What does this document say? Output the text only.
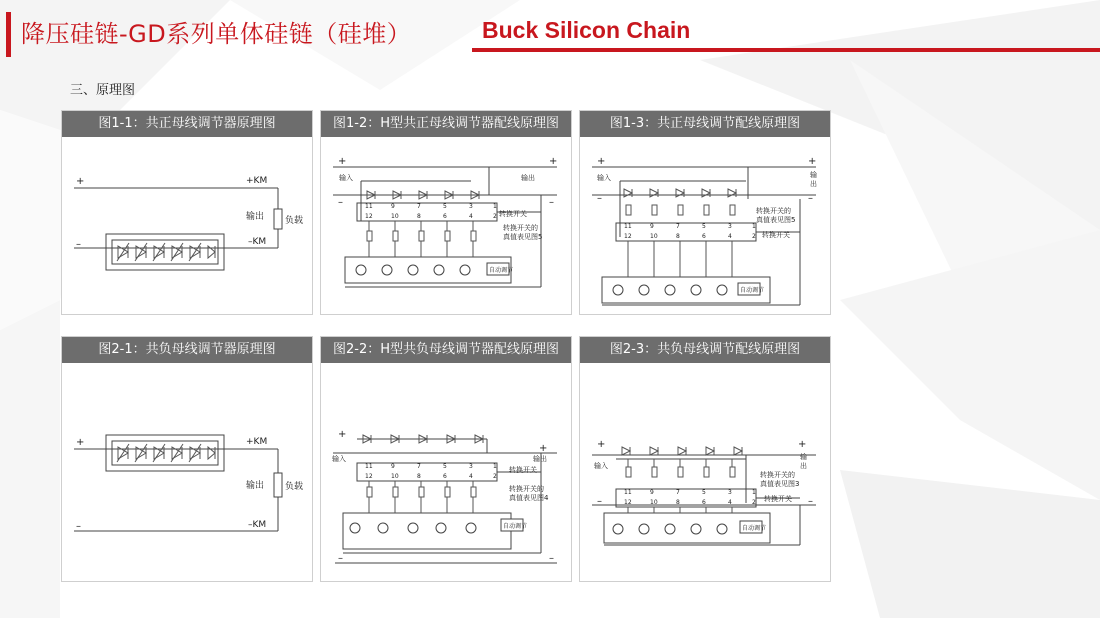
降压硅链-GD系列单体硅链（硅堆）	Buck Silicon Chain
三、原理图
图1-1：共正母线调节器原理图
+
–
+KM
–KM
输出 负载
图1-2：H型共正母线调节器配线原理图
自动调节
+	+
–	–
输入	输出
转换开关
转换开关的
真值表见图5
11	9	7	5	3	1
12	10	8	6	4	2
图1-3：共正母线调节配线原理图
自动调节
+	+
–	–
输入	输
出
转换开关的
真值表见图5
转换开关
11	9	7	5	3	1
12	10	8	6	4	2
图2-1：共负母线调节器原理图
+
–
+KM
–KM
输出 负载
图2-2：H型共负母线调节器配线原理图
自动调节
+
+
–	–
输入	输出
转换开关
转换开关的
真值表见图4
11	9	7	5	3	1
12	10	8	6	4	2
图2-3：共负母线调节配线原理图
自动调节
+	+
–	–
输入
输
出
转换开关的
真值表见图3
转换开关
11	9	7	5	3	1
12	10	8	6	4	2
